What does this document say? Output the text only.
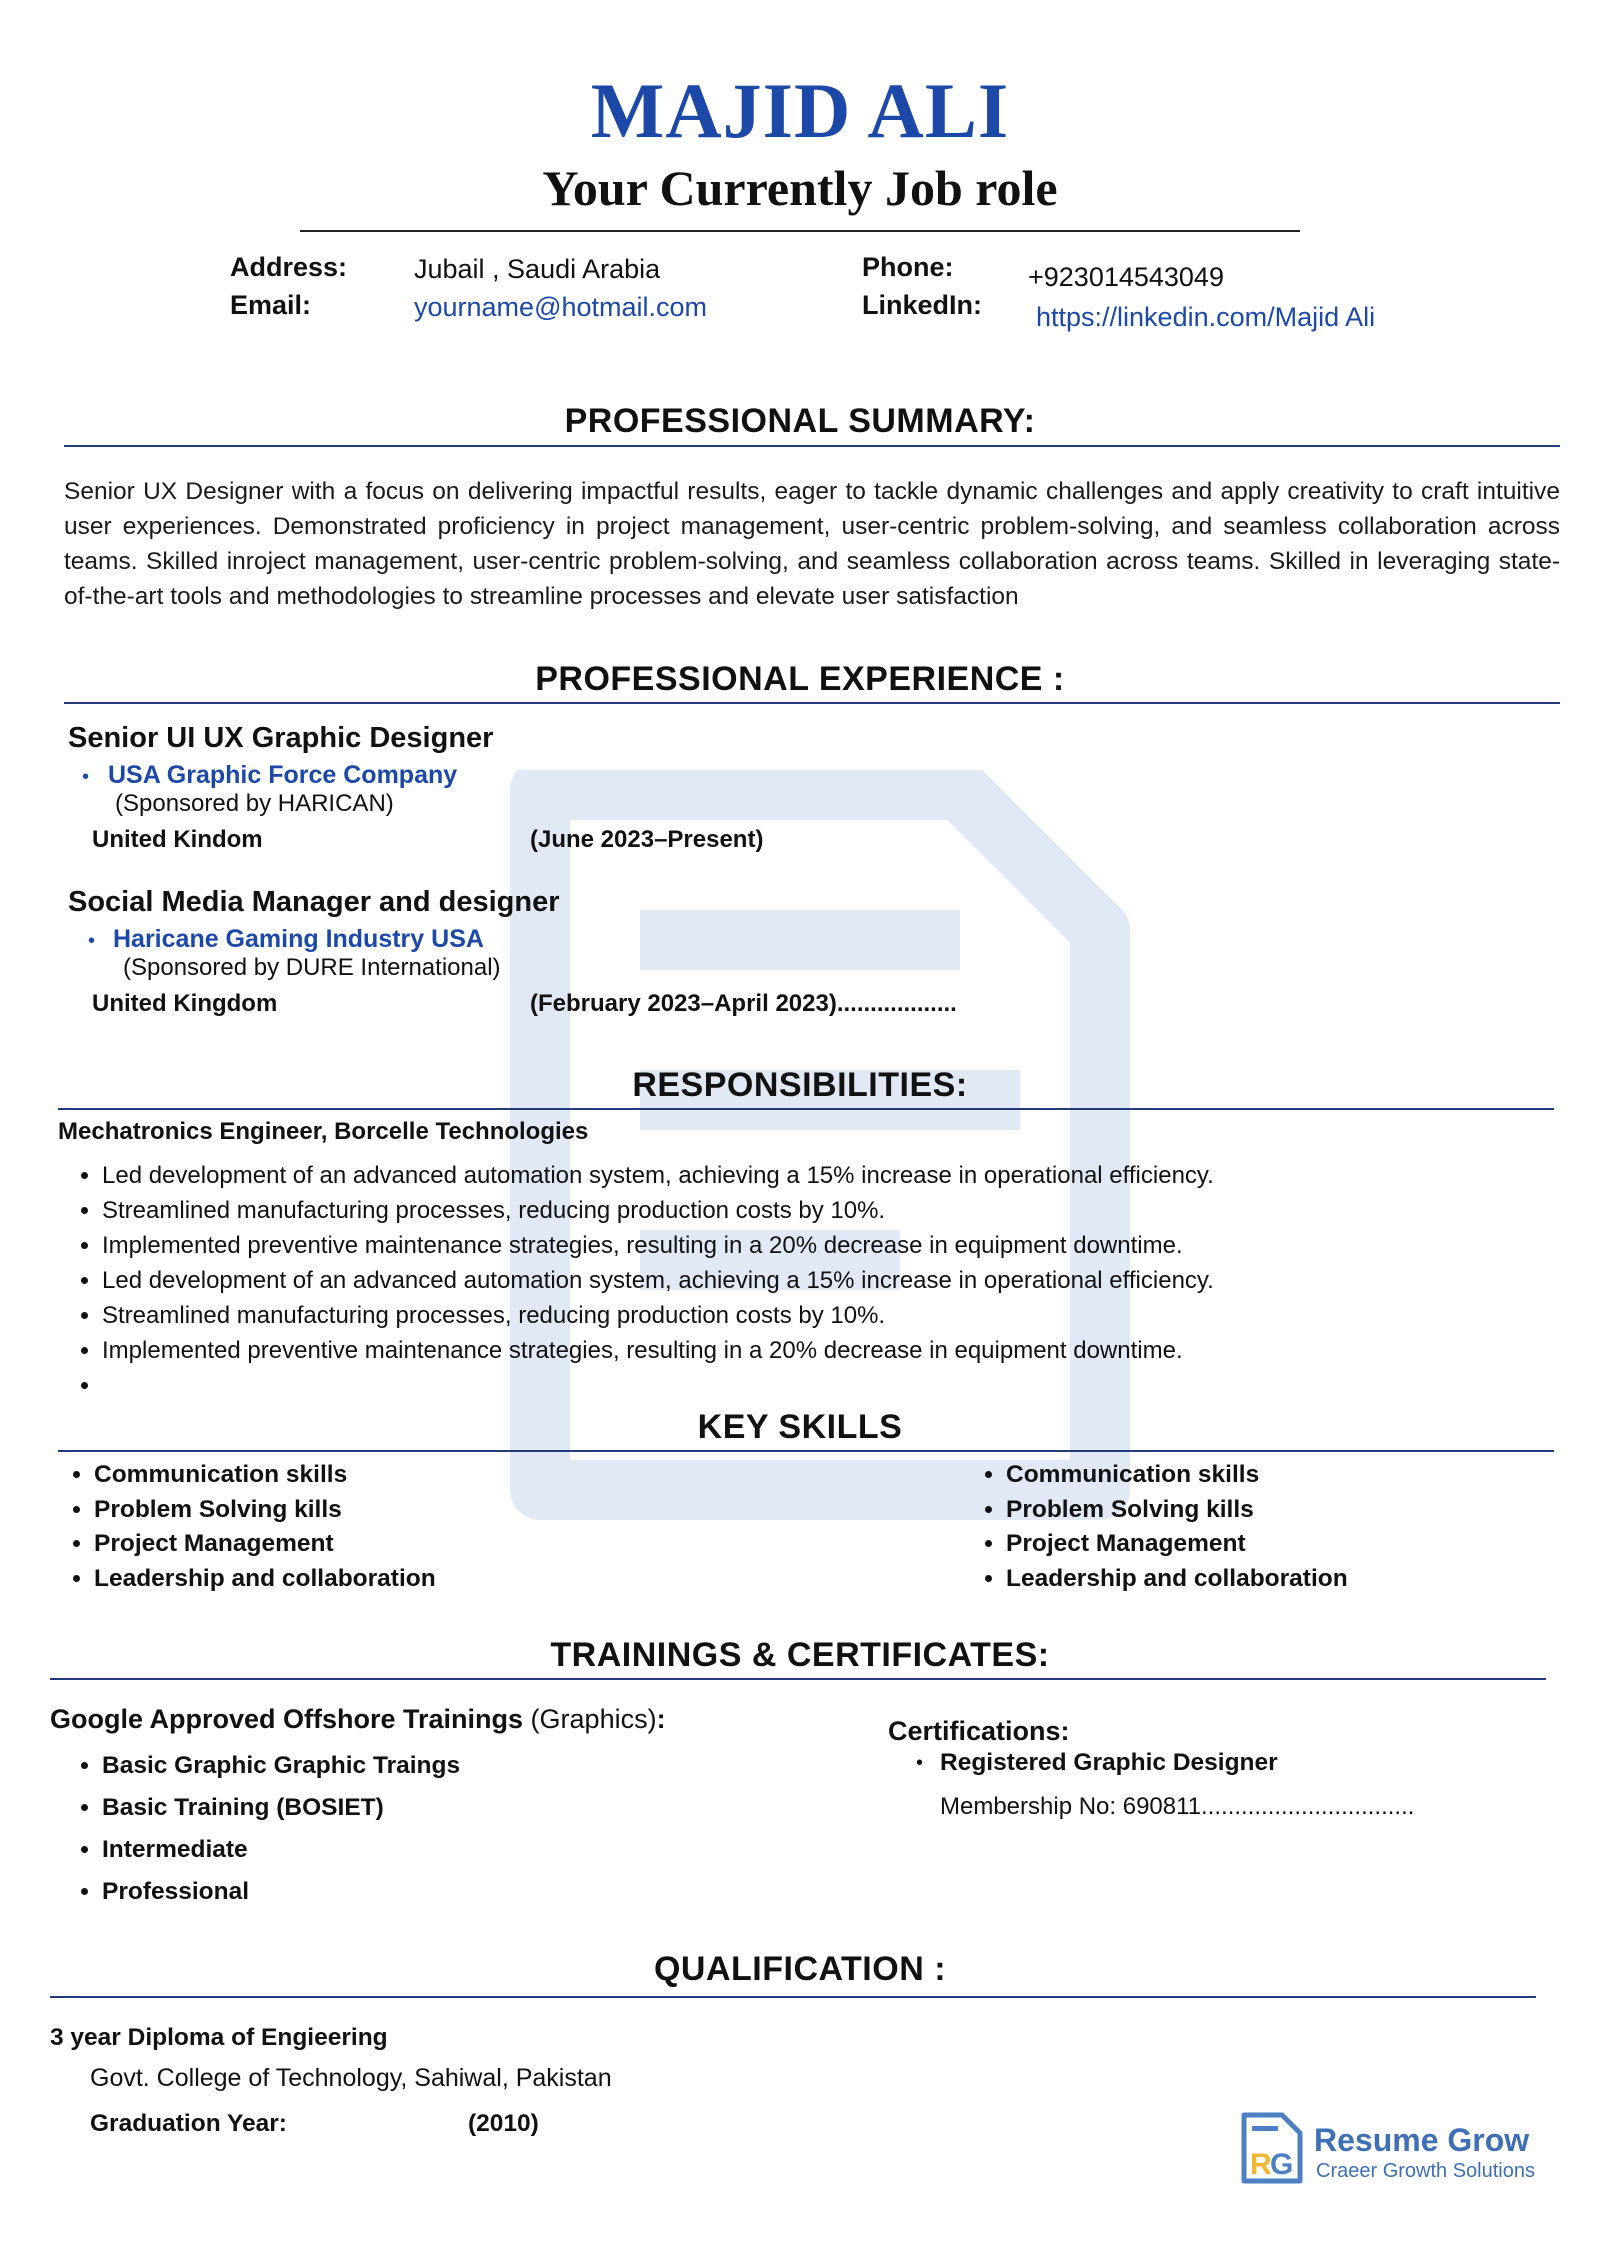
MAJID ALI
Your Currently Job role
Address: Jubail , Saudi Arabia
Email:	yourname@hotmail.com
Phone:	+923014543049
LinkedIn: https://linkedin.com/Majid Ali
PROFESSIONAL SUMMARY:
Senior UX Designer with a focus on delivering impactful results, eager to tackle dynamic challenges and apply creativity to craft intuitive user experiences. Demonstrated proficiency in project management, user-centric problem-solving, and seamless collaboration across teams. Skilled inroject management, user-centric problem-solving, and seamless collaboration across teams. Skilled in leveraging state-of-the-art tools and methodologies to streamline processes and elevate user satisfaction
PROFESSIONAL EXPERIENCE :
Senior UI UX Graphic Designer
• USA Graphic Force Company
(Sponsored by HARICAN)
United Kindom	(June 2023–Present)
Social Media Manager and designer
• Haricane Gaming Industry USA
(Sponsored by DURE International)
United Kingdom	(February 2023–April 2023)..................
RESPONSIBILITIES:
Mechatronics Engineer, Borcelle Technologies
• Led development of an advanced automation system, achieving a 15% increase in operational efficiency.
• Streamlined manufacturing processes, reducing production costs by 10%.
• Implemented preventive maintenance strategies, resulting in a 20% decrease in equipment downtime.
• Led development of an advanced automation system, achieving a 15% increase in operational efficiency.
• Streamlined manufacturing processes, reducing production costs by 10%.
• Implemented preventive maintenance strategies, resulting in a 20% decrease in equipment downtime.
•
KEY SKILLS
• Communication skills
• Problem Solving kills
• Project Management
• Leadership and collaboration
• Communication skills
• Problem Solving kills
• Project Management
• Leadership and collaboration
TRAININGS & CERTIFICATES:
Google Approved Offshore Trainings (Graphics):
• Basic Graphic Graphic Traings
• Basic Training (BOSIET)
• Intermediate
• Professional
Certifications:
• Registered Graphic Designer
Membership No: 690811................................
QUALIFICATION :
3 year Diploma of Engieering
Govt. College of Technology, Sahiwal, Pakistan
Graduation Year:	(2010)
R
G
Resume Grow
Craeer Growth Solutions
